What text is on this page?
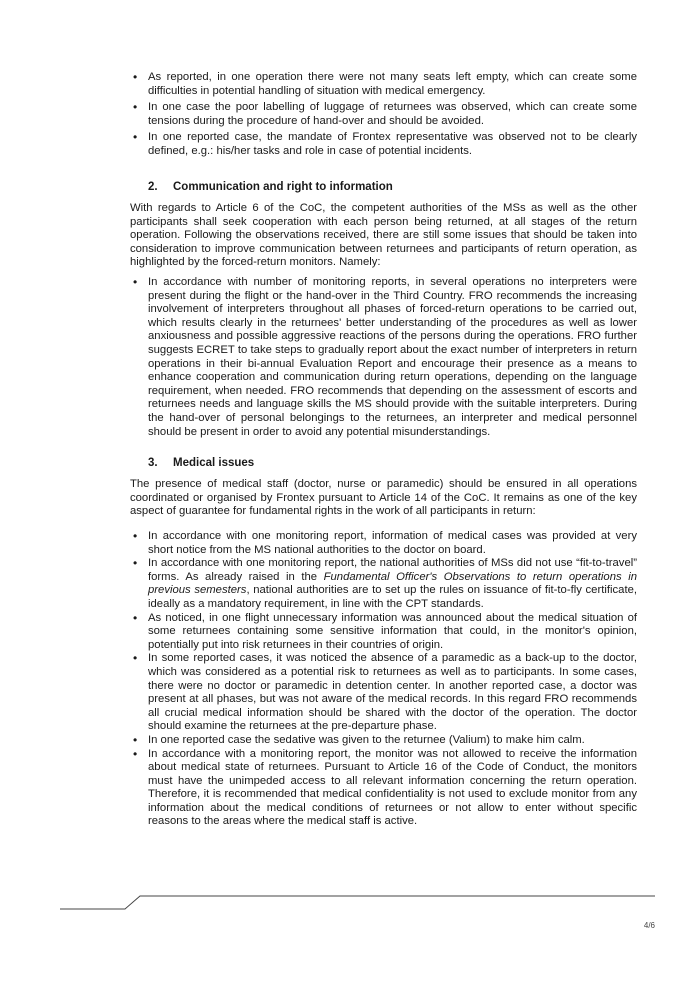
• As reported, in one operation there were not many seats left empty, which can create some difficulties in potential handling of situation with medical emergency.
• In one case the poor labelling of luggage of returnees was observed, which can create some tensions during the procedure of hand-over and should be avoided.
• In one reported case, the mandate of Frontex representative was observed not to be clearly defined, e.g.: his/her tasks and role in case of potential incidents.
2. Communication and right to information

With regards to Article 6 of the CoC, the competent authorities of the MSs as well as the other participants shall seek cooperation with each person being returned, at all stages of the return operation. Following the observations received, there are still some issues that should be taken into consideration to improve communication between returnees and participants of return operation, as highlighted by the forced-return monitors. Namely:

• In accordance with number of monitoring reports, in several operations no interpreters were present during the flight or the hand-over in the Third Country. FRO recommends the increasing involvement of interpreters throughout all phases of forced-return operations to be carried out, which results clearly in the returnees' better understanding of the procedures as well as lower anxiousness and possible aggressive reactions of the persons during the operations. FRO further suggests ECRET to take steps to gradually report about the exact number of interpreters in return operations in their bi-annual Evaluation Report and encourage their presence as a means to enhance cooperation and communication during return operations, depending on the language requirement, when needed. FRO recommends that depending on the assessment of escorts and returnees needs and language skills the MS should provide with the suitable interpreters. During the hand-over of personal belongings to the returnees, an interpreter and medical personnel should be present in order to avoid any potential misunderstandings.
3. Medical issues

The presence of medical staff (doctor, nurse or paramedic) should be ensured in all operations coordinated or organised by Frontex pursuant to Article 14 of the CoC. It remains as one of the key aspect of guarantee for fundamental rights in the work of all participants in return:

• In accordance with one monitoring report, information of medical cases was provided at very short notice from the MS national authorities to the doctor on board.
• In accordance with one monitoring report, the national authorities of MSs did not use “fit-to-travel” forms. As already raised in the Fundamental Officer's Observations to return operations in previous semesters, national authorities are to set up the rules on issuance of fit-to-fly certificate, ideally as a mandatory requirement, in line with the CPT standards.
• As noticed, in one flight unnecessary information was announced about the medical situation of some returnees containing some sensitive information that could, in the monitor's opinion, potentially put into risk returnees in their countries of origin.
• In some reported cases, it was noticed the absence of a paramedic as a back-up to the doctor, which was considered as a potential risk to returnees as well as to participants. In some cases, there were no doctor or paramedic in detention center. In another reported case, a doctor was present at all phases, but was not aware of the medical records. In this regard FRO recommends all crucial medical information should be shared with the doctor of the operation. The doctor should examine the returnees at the pre-departure phase.
• In one reported case the sedative was given to the returnee (Valium) to make him calm.
• In accordance with a monitoring report, the monitor was not allowed to receive the information about medical state of returnees. Pursuant to Article 16 of the Code of Conduct, the monitors must have the unimpeded access to all relevant information concerning the return operation. Therefore, it is recommended that medical confidentiality is not used to exclude monitor from any information about the medical conditions of returnees or not allow to enter without specific reasons to the areas where the medical staff is active.
4/6
